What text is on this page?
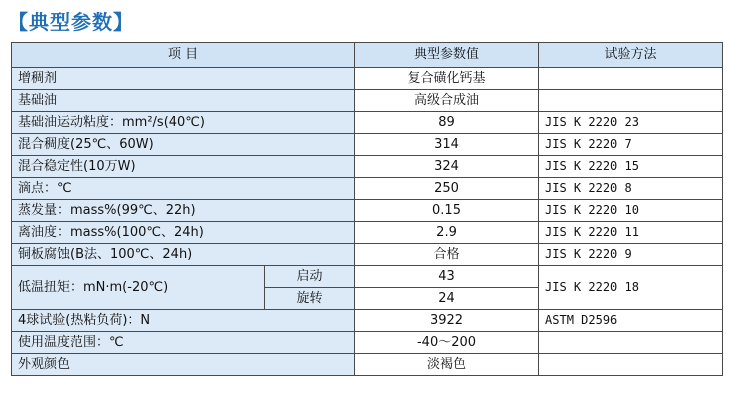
【典型参数】
项 目		典型参数值	试验方法
增稠剂		复合磺化钙基	
基础油		高级合成油	
基础油运动粘度：mm²/s(40℃)		89	JIS K 2220 23
混合稠度(25℃、60W)		314	JIS K 2220 7
混合稳定性(10万W)		324	JIS K 2220 15
滴点：℃		250	JIS K 2220 8
蒸发量：mass%(99℃、22h)		0.15	JIS K 2220 10
离油度：mass%(100℃、24h)		2.9	JIS K 2220 11
铜板腐蚀(B法、100℃、24h)		合格	JIS K 2220 9
低温扭矩：mN·m(-20℃)	启动	43	JIS K 2220 18
	旋转	24	
4球试验(热粘负荷)：N		3922	ASTM D2596
使用温度范围：℃		-40～200	
外观颜色		淡褐色	
